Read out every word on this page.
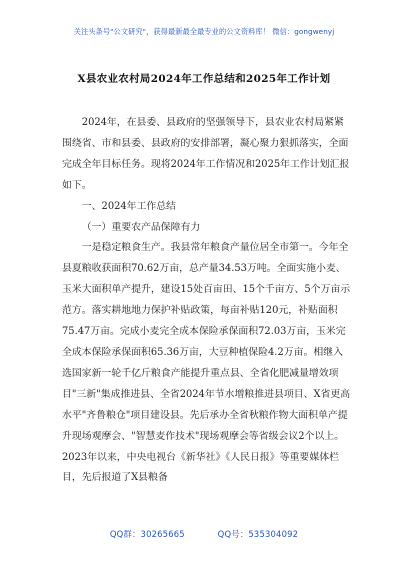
关注头条号"公文研究"，获得最新最全最专业的公文资料库！ 微信：gongwenyj
X县农业农村局2024年工作总结和2025年工作计划

2024年，在县委、县政府的坚强领导下，县农业农村局紧紧围绕省、市和县委、县政府的安排部署，凝心聚力狠抓落实，全面完成全年目标任务。现将2024年工作情况和2025年工作计划汇报如下。

一、2024年工作总结

（一）重要农产品保障有力

一是稳定粮食生产。我县常年粮食产量位居全市第一。今年全县夏粮收获面积70.62万亩，总产量34.53万吨。全面实施小麦、玉米大面积单产提升，建设15处百亩田、15个千亩方、5个万亩示范方。落实耕地地力保护补贴政策，每亩补贴120元，补贴面积75.47万亩。完成小麦完全成本保险承保面积72.03万亩，玉米完全成本保险承保面积65.36万亩，大豆种植保险4.2万亩。相继入选国家新一轮千亿斤粮食产能提升重点县、全省化肥减量增效项目"三新"集成推进县、全省2024年节水增粮推进县项目、X省更高水平"齐鲁粮仓"项目建设县。先后承办全省秋粮作物大面积单产提升现场观摩会、"智慧麦作技术"现场观摩会等省级会议2个以上。2023年以来，中央电视台《新华社》《人民日报》等重要媒体栏目，先后报道了X县粮备

QQ群：30265665	QQ号：535304092
